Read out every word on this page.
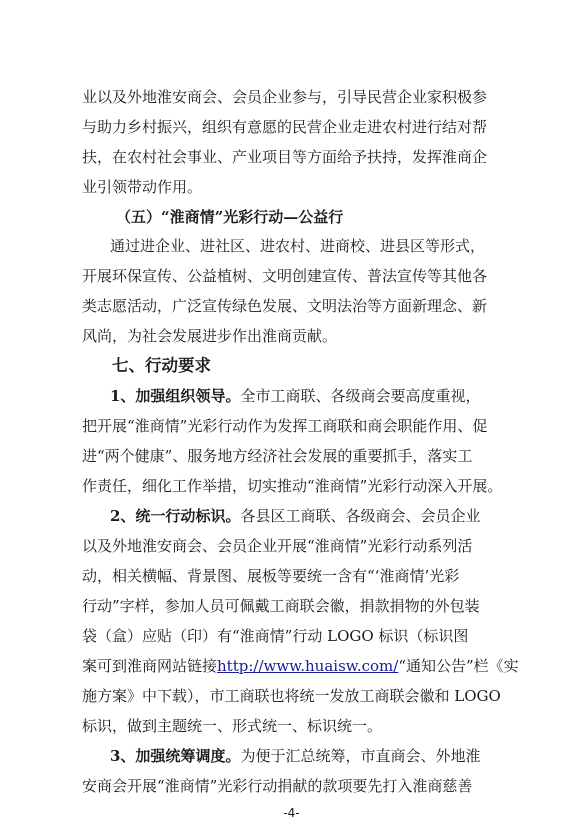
业以及外地淮安商会、会员企业参与，引导民营企业家积极参
与助力乡村振兴，组织有意愿的民营企业走进农村进行结对帮
扶，在农村社会事业、产业项目等方面给予扶持，发挥淮商企
业引领带动作用。
（五）“淮商情”光彩行动—公益行
通过进企业、进社区、进农村、进商校、进县区等形式，
开展环保宣传、公益植树、文明创建宣传、普法宣传等其他各
类志愿活动，广泛宣传绿色发展、文明法治等方面新理念、新
风尚，为社会发展进步作出淮商贡献。
七、行动要求
1、加强组织领导。全市工商联、各级商会要高度重视，
把开展“淮商情”光彩行动作为发挥工商联和商会职能作用、促
进“两个健康”、服务地方经济社会发展的重要抓手，落实工
作责任，细化工作举措，切实推动“淮商情”光彩行动深入开展。
2、统一行动标识。各县区工商联、各级商会、会员企业
以及外地淮安商会、会员企业开展“淮商情”光彩行动系列活
动，相关横幅、背景图、展板等要统一含有“‘淮商情’光彩
行动”字样，参加人员可佩戴工商联会徽，捐款捐物的外包装
袋（盒）应贴（印）有“淮商情”行动 LOGO 标识（标识图
案可到淮商网站链接http://www.huaisw.com/“通知公告”栏《实
施方案》中下载），市工商联也将统一发放工商联会徽和 LOGO
标识，做到主题统一、形式统一、标识统一。
3、加强统筹调度。为便于汇总统筹，市直商会、外地淮
安商会开展“淮商情”光彩行动捐献的款项要先打入淮商慈善
-4-
